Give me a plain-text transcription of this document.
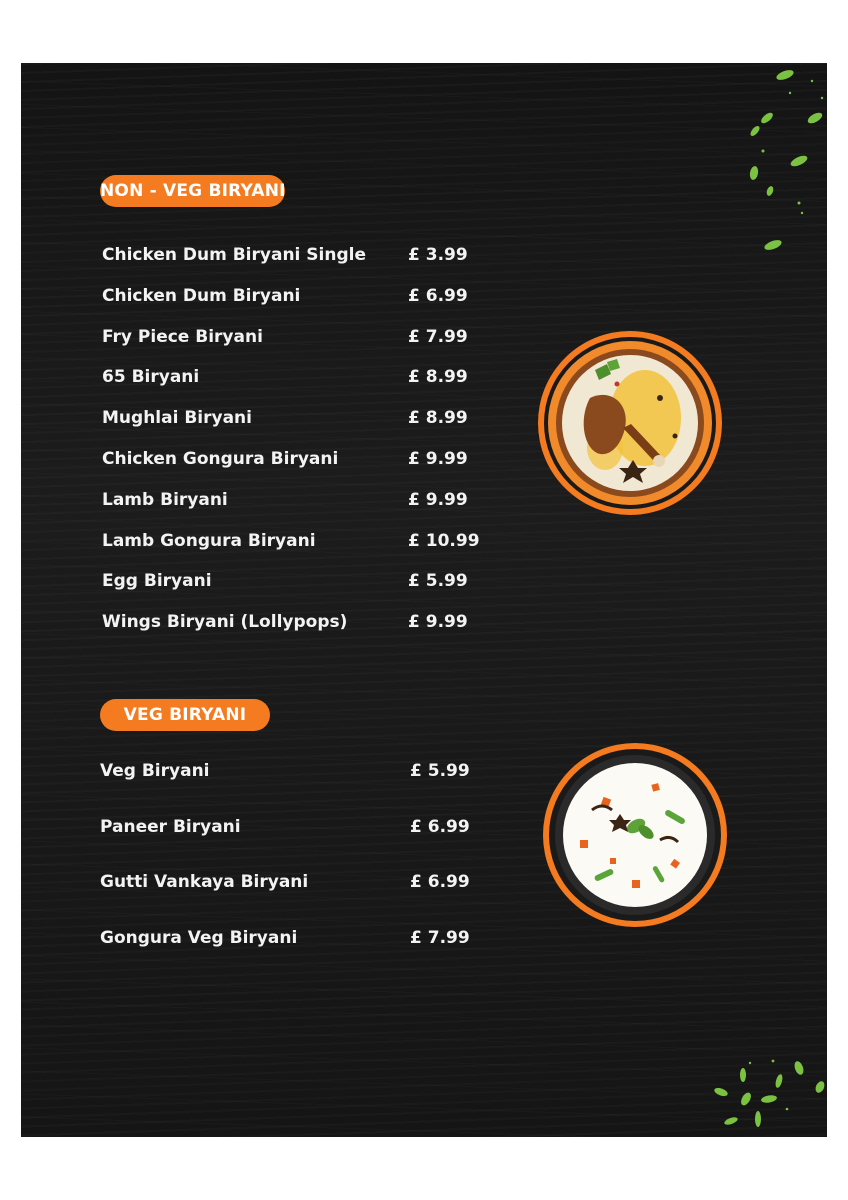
NON - VEG BIRYANI
Chicken Dum Biryani Single £ 3.99
Chicken Dum Biryani	£ 6.99
Fry Piece Biryani	£ 7.99
65 Biryani	£ 8.99
Mughlai Biryani	£ 8.99
Chicken Gongura Biryani	£ 9.99
Lamb Biryani	£ 9.99
Lamb Gongura Biryani	£ 10.99
Egg Biryani	£ 5.99
Wings Biryani (Lollypops)	£ 9.99
VEG BIRYANI
Veg Biryani	£ 5.99
Paneer Biryani	£ 6.99
Gutti Vankaya Biryani	£ 6.99
Gongura Veg Biryani	£ 7.99
